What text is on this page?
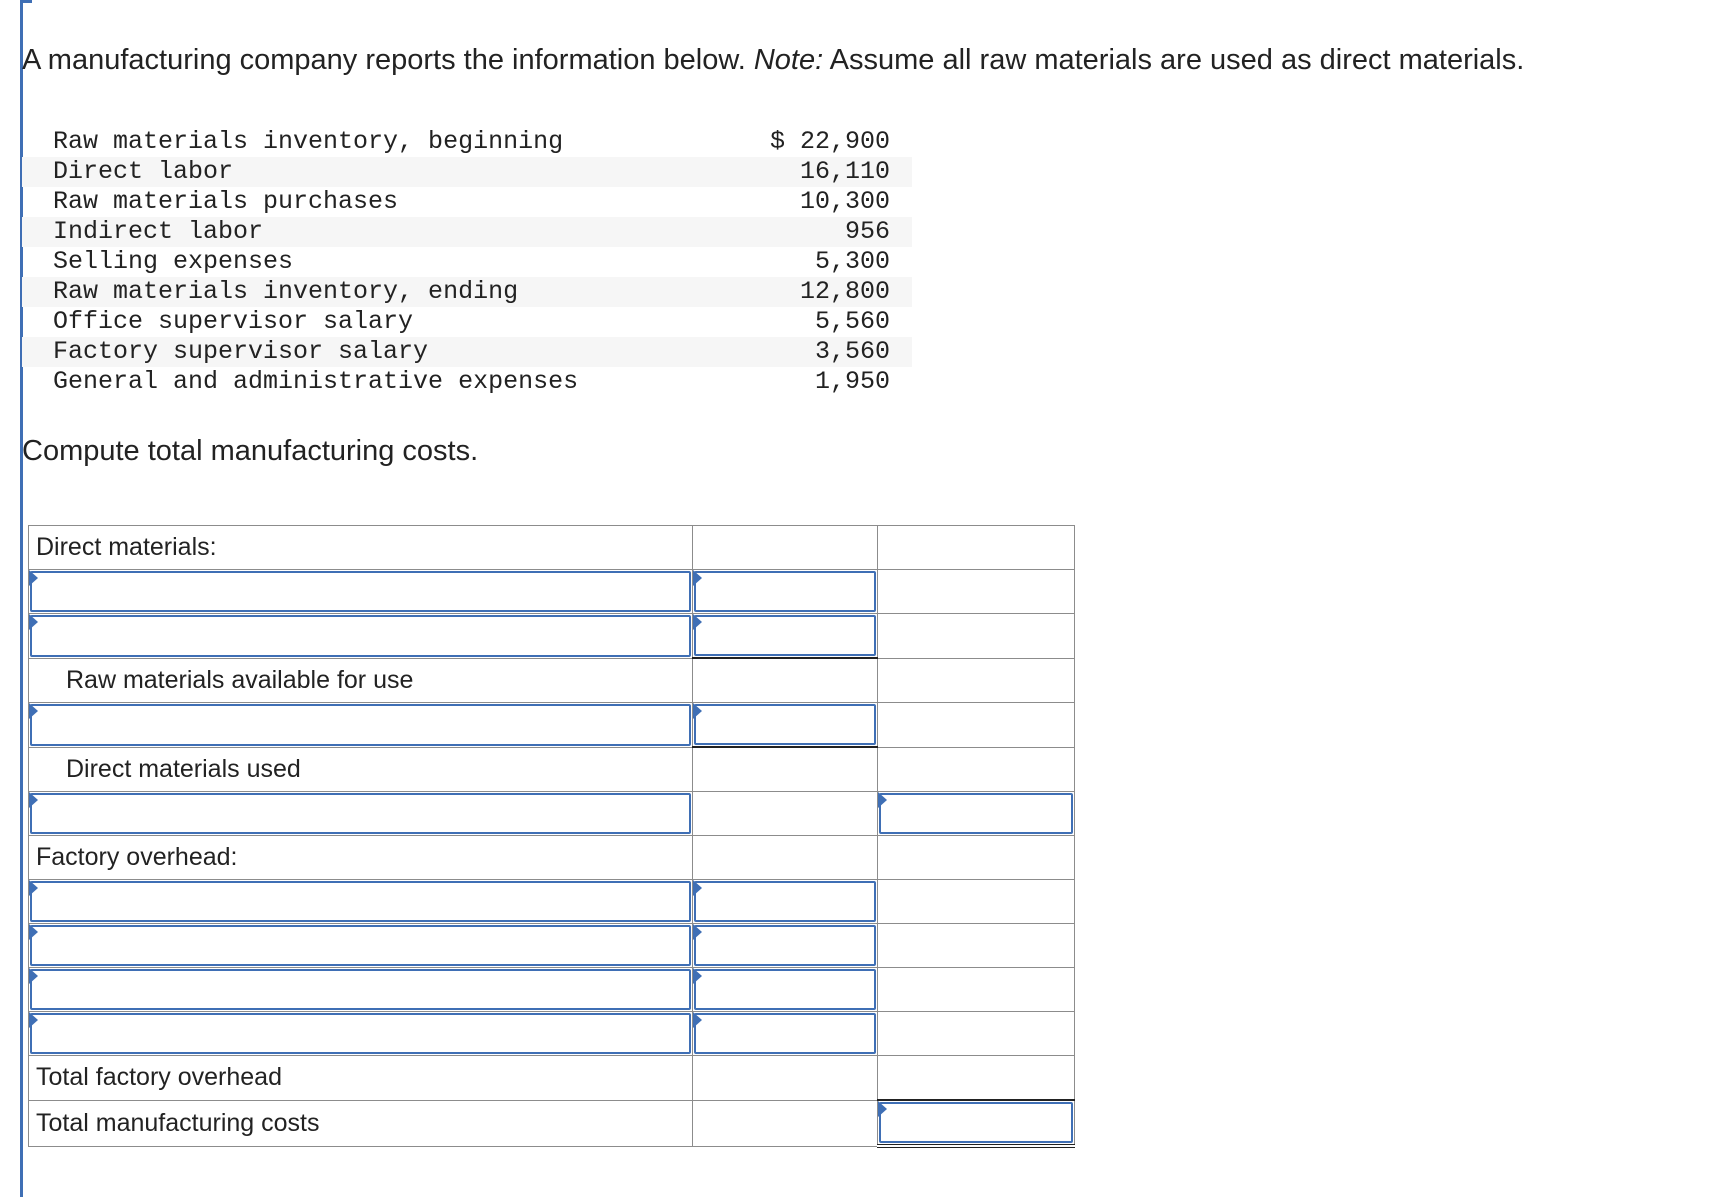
A manufacturing company reports the information below. Note: Assume all raw materials are used as direct materials.
Raw materials inventory, beginning	$ 22,900
Direct labor	16,110
Raw materials purchases	10,300
Indirect labor	956
Selling expenses	5,300
Raw materials inventory, ending	12,800
Office supervisor salary	5,560
Factory supervisor salary	3,560
General and administrative expenses	1,950
Compute total manufacturing costs.
Direct materials:		

Raw materials available for use		

Direct materials used		

Factory overhead:		

Total factory overhead		
Total manufacturing costs		
